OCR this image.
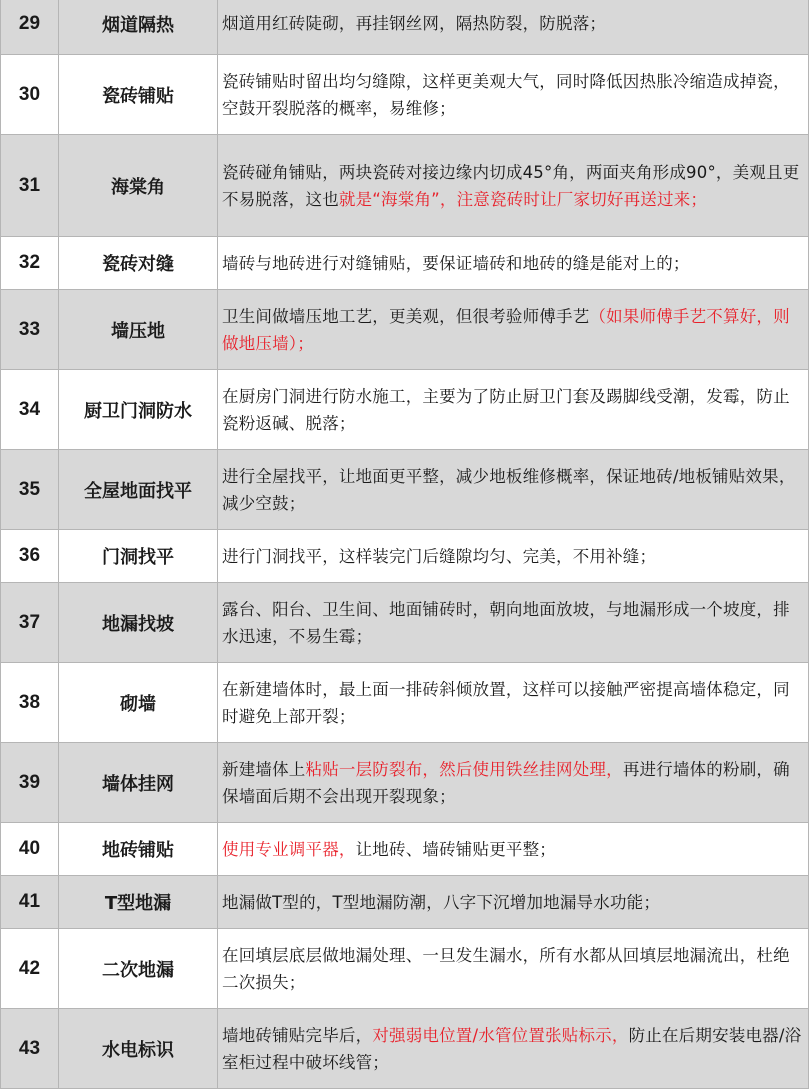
29	烟道隔热	烟道用红砖陡砌，再挂钢丝网，隔热防裂，防脱落；
30	瓷砖铺贴	瓷砖铺贴时留出均匀缝隙，这样更美观大气，同时降低因热胀冷缩造成掉瓷，空鼓开裂脱落的概率，易维修；
31	海棠角	瓷砖碰角铺贴，两块瓷砖对接边缘内切成45°角，两面夹角形成90°，美观且更不易脱落，这也就是“海棠角”，注意瓷砖时让厂家切好再送过来；
32	瓷砖对缝	墙砖与地砖进行对缝铺贴，要保证墙砖和地砖的缝是能对上的；
33	墙压地	卫生间做墙压地工艺，更美观，但很考验师傅手艺（如果师傅手艺不算好，则做地压墙）；
34	厨卫门洞防水	在厨房门洞进行防水施工，主要为了防止厨卫门套及踢脚线受潮，发霉，防止瓷粉返碱、脱落；
35	全屋地面找平	进行全屋找平，让地面更平整，减少地板维修概率，保证地砖/地板铺贴效果，减少空鼓；
36	门洞找平	进行门洞找平，这样装完门后缝隙均匀、完美，不用补缝；
37	地漏找坡	露台、阳台、卫生间、地面铺砖时，朝向地面放坡，与地漏形成一个坡度，排水迅速，不易生霉；
38	砌墙	在新建墙体时，最上面一排砖斜倾放置，这样可以接触严密提高墙体稳定，同时避免上部开裂；
39	墙体挂网	新建墙体上粘贴一层防裂布，然后使用铁丝挂网处理，再进行墙体的粉刷，确保墙面后期不会出现开裂现象；
40	地砖铺贴	使用专业调平器，让地砖、墙砖铺贴更平整；
41	T型地漏	地漏做T型的，T型地漏防潮，八字下沉增加地漏导水功能；
42	二次地漏	在回填层底层做地漏处理、一旦发生漏水，所有水都从回填层地漏流出，杜绝二次损失；
43	水电标识	墙地砖铺贴完毕后，对强弱电位置/水管位置张贴标示，防止在后期安装电器/浴室柜过程中破坏线管；
